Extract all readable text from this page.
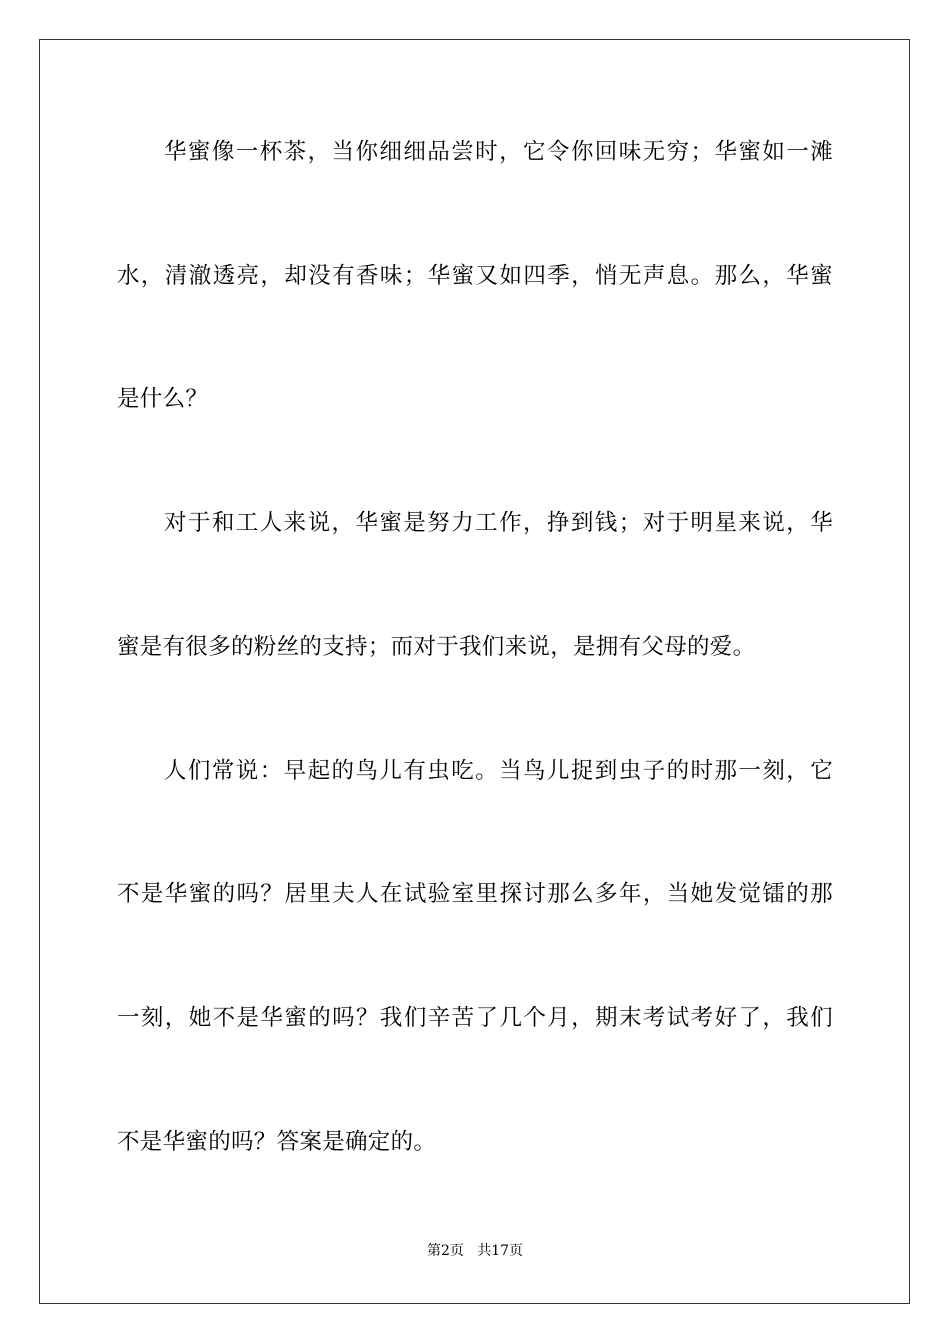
华蜜像一杯茶，当你细细品尝时，它令你回味无穷；华蜜如一滩
水，清澈透亮，却没有香味；华蜜又如四季，悄无声息。那么，华蜜
是什么？
对于和工人来说，华蜜是努力工作，挣到钱；对于明星来说，华
蜜是有很多的粉丝的支持；而对于我们来说，是拥有父母的爱。
人们常说：早起的鸟儿有虫吃。当鸟儿捉到虫子的时那一刻，它
不是华蜜的吗？居里夫人在试验室里探讨那么多年，当她发觉镭的那
一刻，她不是华蜜的吗？我们辛苦了几个月，期末考试考好了，我们
不是华蜜的吗？答案是确定的。
第2页 共17页
